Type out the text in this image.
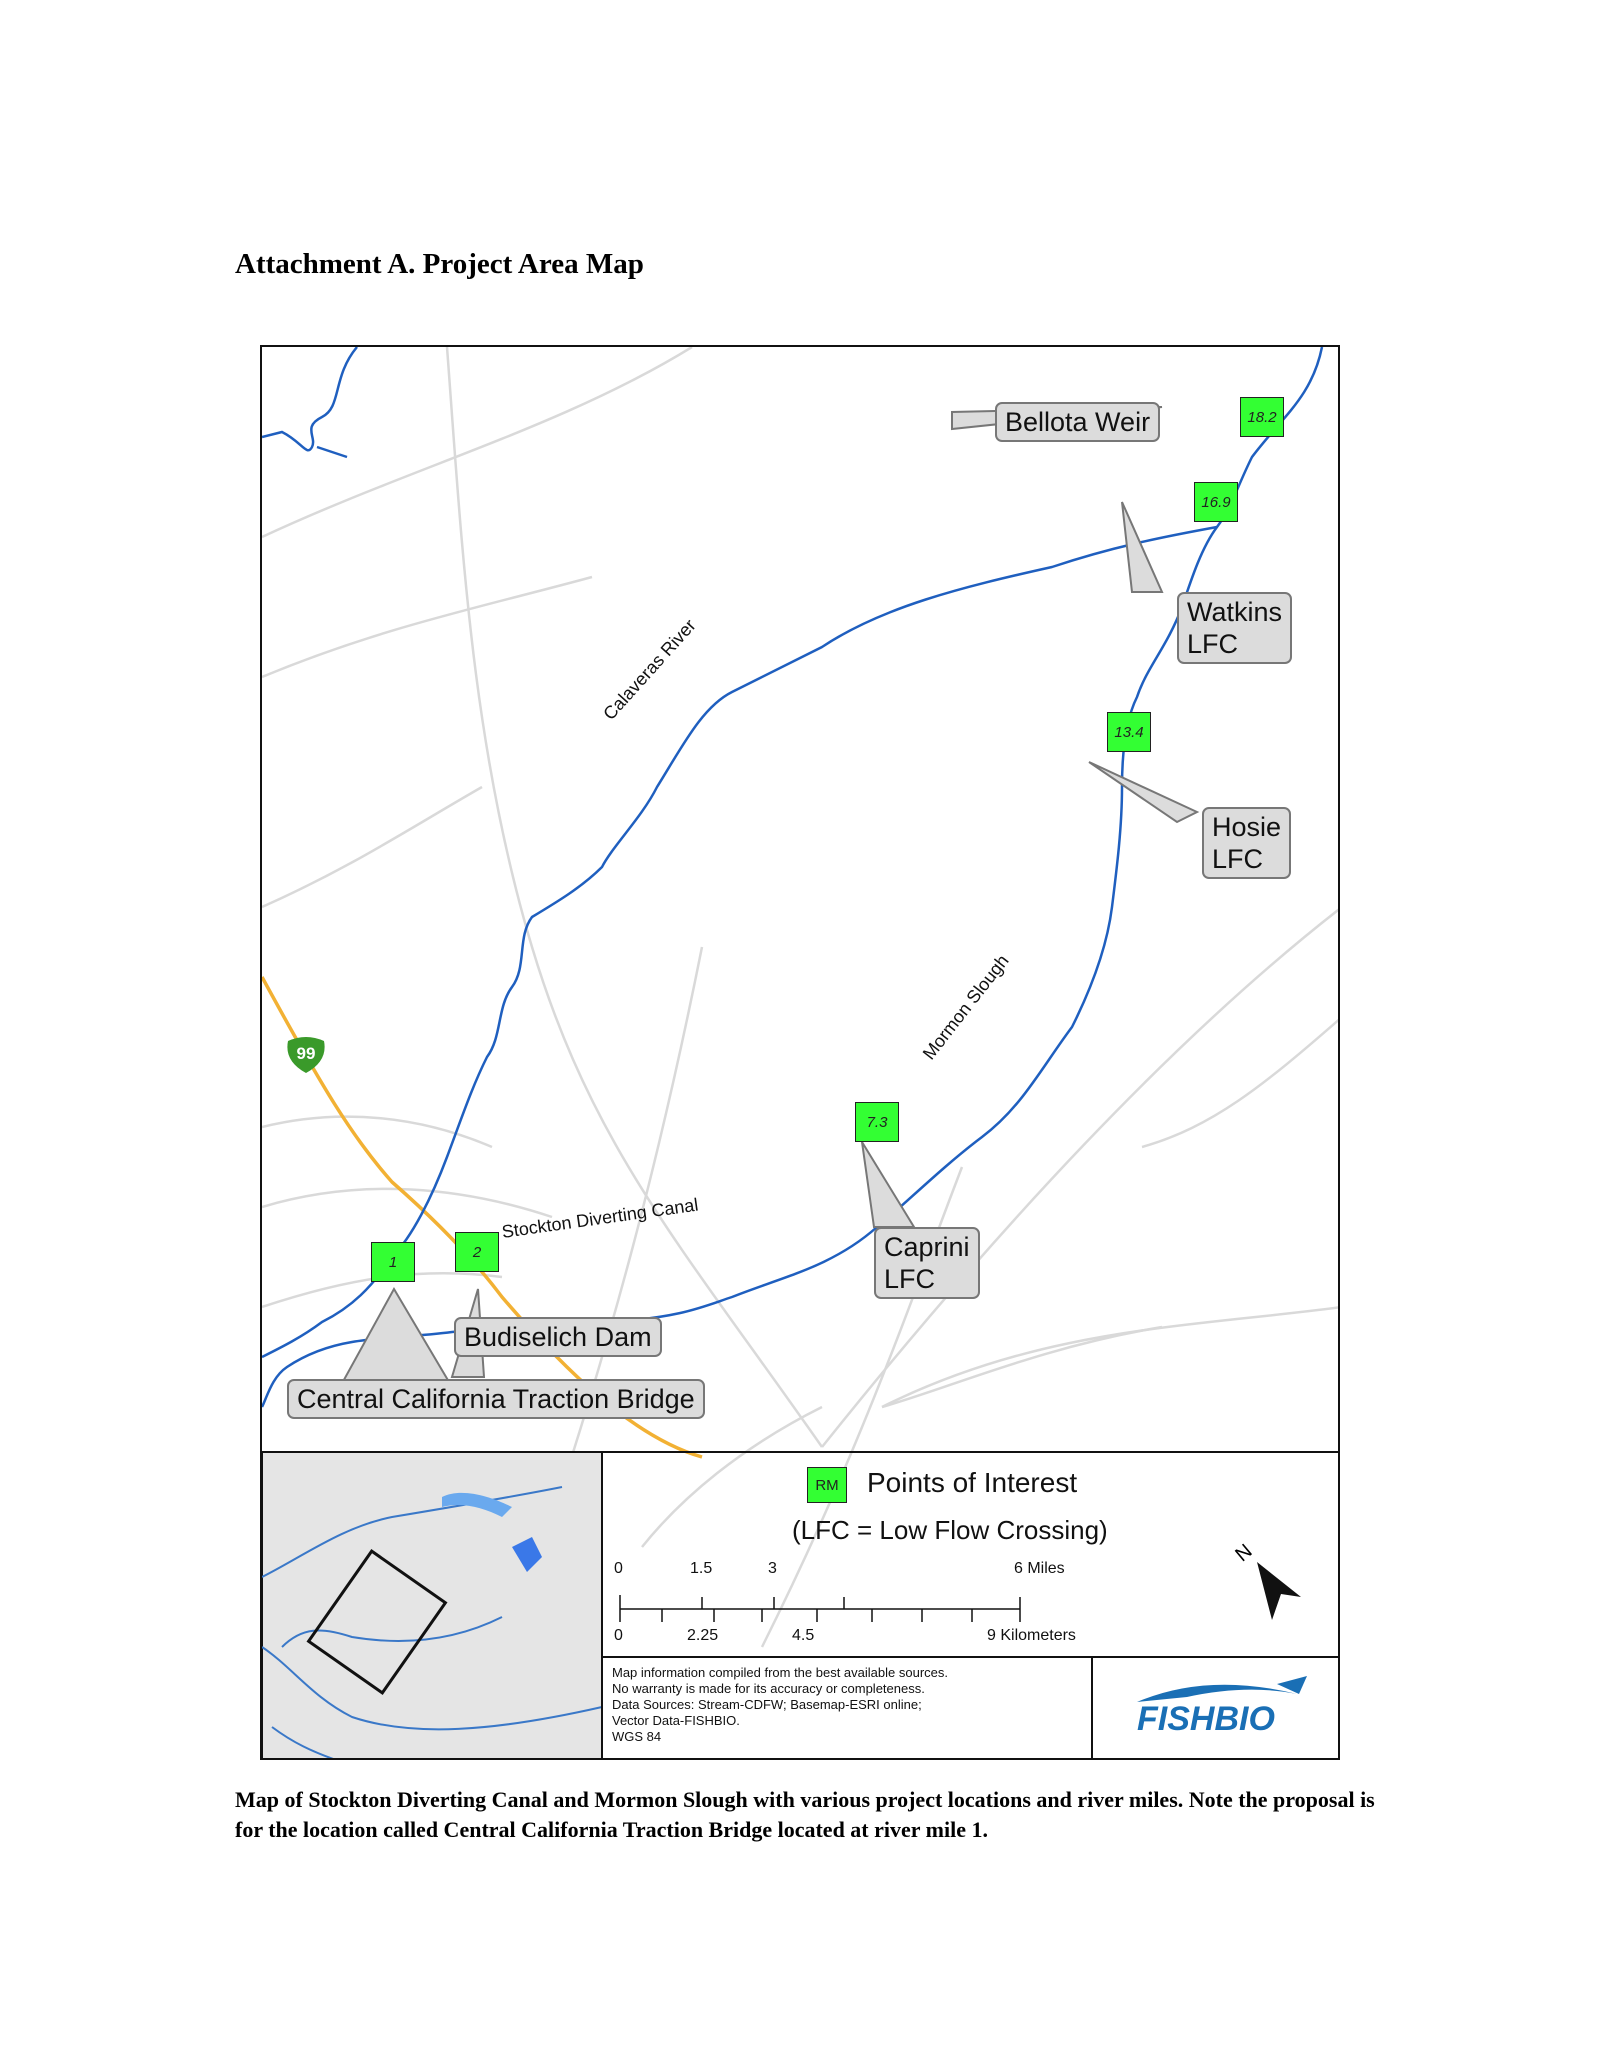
Attachment A. Project Area Map
18.2
16.9
13.4
7.3
2
1
Bellota Weir
Watkins
LFC
Hosie
LFC
Caprini
LFC
Budiselich Dam
Central California Traction Bridge
Calaveras River
Mormon Slough
Stockton Diverting Canal
99
RM Points of Interest
(LFC = Low Flow Crossing)
0	1.5	3	6 Miles
0	2.25	4.5	9 Kilometers
N
Map information compiled from the best available sources.
No warranty is made for its accuracy or completeness.
Data Sources: Stream-CDFW; Basemap-ESRI online;
Vector Data-FISHBIO.
WGS 84	FISHBIO
Map of Stockton Diverting Canal and Mormon Slough with various project locations and river miles. Note the proposal is for the location called Central California Traction Bridge located at river mile 1.
